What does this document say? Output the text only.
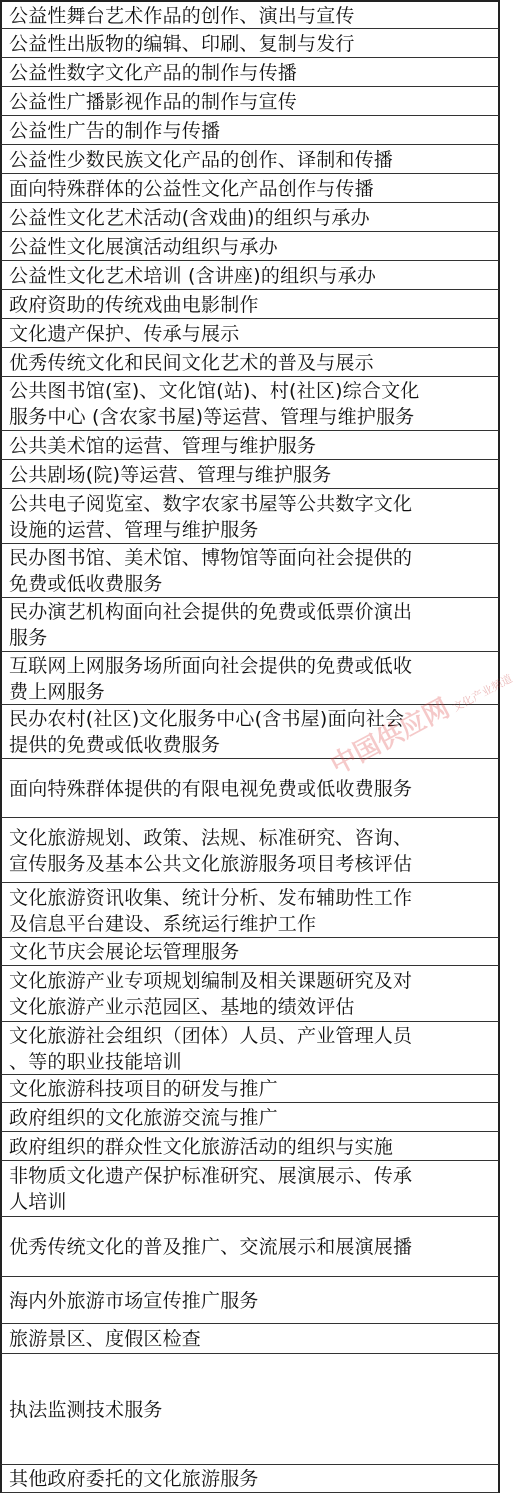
公益性舞台艺术作品的创作、演出与宣传
公益性出版物的编辑、印刷、复制与发行
公益性数字文化产品的制作与传播
公益性广播影视作品的制作与宣传
公益性广告的制作与传播
公益性少数民族文化产品的创作、译制和传播
面向特殊群体的公益性文化产品创作与传播
公益性文化艺术活动(含戏曲)的组织与承办
公益性文化展演活动组织与承办
公益性文化艺术培训 (含讲座)的组织与承办
政府资助的传统戏曲电影制作
文化遗产保护、传承与展示
优秀传统文化和民间文化艺术的普及与展示
公共图书馆(室)、文化馆(站)、村(社区)综合文化
服务中心 (含农家书屋)等运营、管理与维护服务
公共美术馆的运营、管理与维护服务
公共剧场(院)等运营、管理与维护服务
公共电子阅览室、数字农家书屋等公共数字文化
设施的运营、管理与维护服务
民办图书馆、美术馆、博物馆等面向社会提供的
免费或低收费服务
民办演艺机构面向社会提供的免费或低票价演出
服务
互联网上网服务场所面向社会提供的免费或低收
费上网服务
民办农村(社区)文化服务中心(含书屋)面向社会
提供的免费或低收费服务
面向特殊群体提供的有限电视免费或低收费服务
文化旅游规划、政策、法规、标准研究、咨询、
宣传服务及基本公共文化旅游服务项目考核评估
文化旅游资讯收集、统计分析、发布辅助性工作
及信息平台建设、系统运行维护工作
文化节庆会展论坛管理服务
文化旅游产业专项规划编制及相关课题研究及对
文化旅游产业示范园区、基地的绩效评估
文化旅游社会组织（团体）人员、产业管理人员
、等的职业技能培训
文化旅游科技项目的研发与推广
政府组织的文化旅游交流与推广
政府组织的群众性文化旅游活动的组织与实施
非物质文化遗产保护标准研究、展演展示、传承
人培训
优秀传统文化的普及推广、交流展示和展演展播
海内外旅游市场宣传推广服务
旅游景区、度假区检查
执法监测技术服务
其他政府委托的文化旅游服务
中国供应网文化产业频道
